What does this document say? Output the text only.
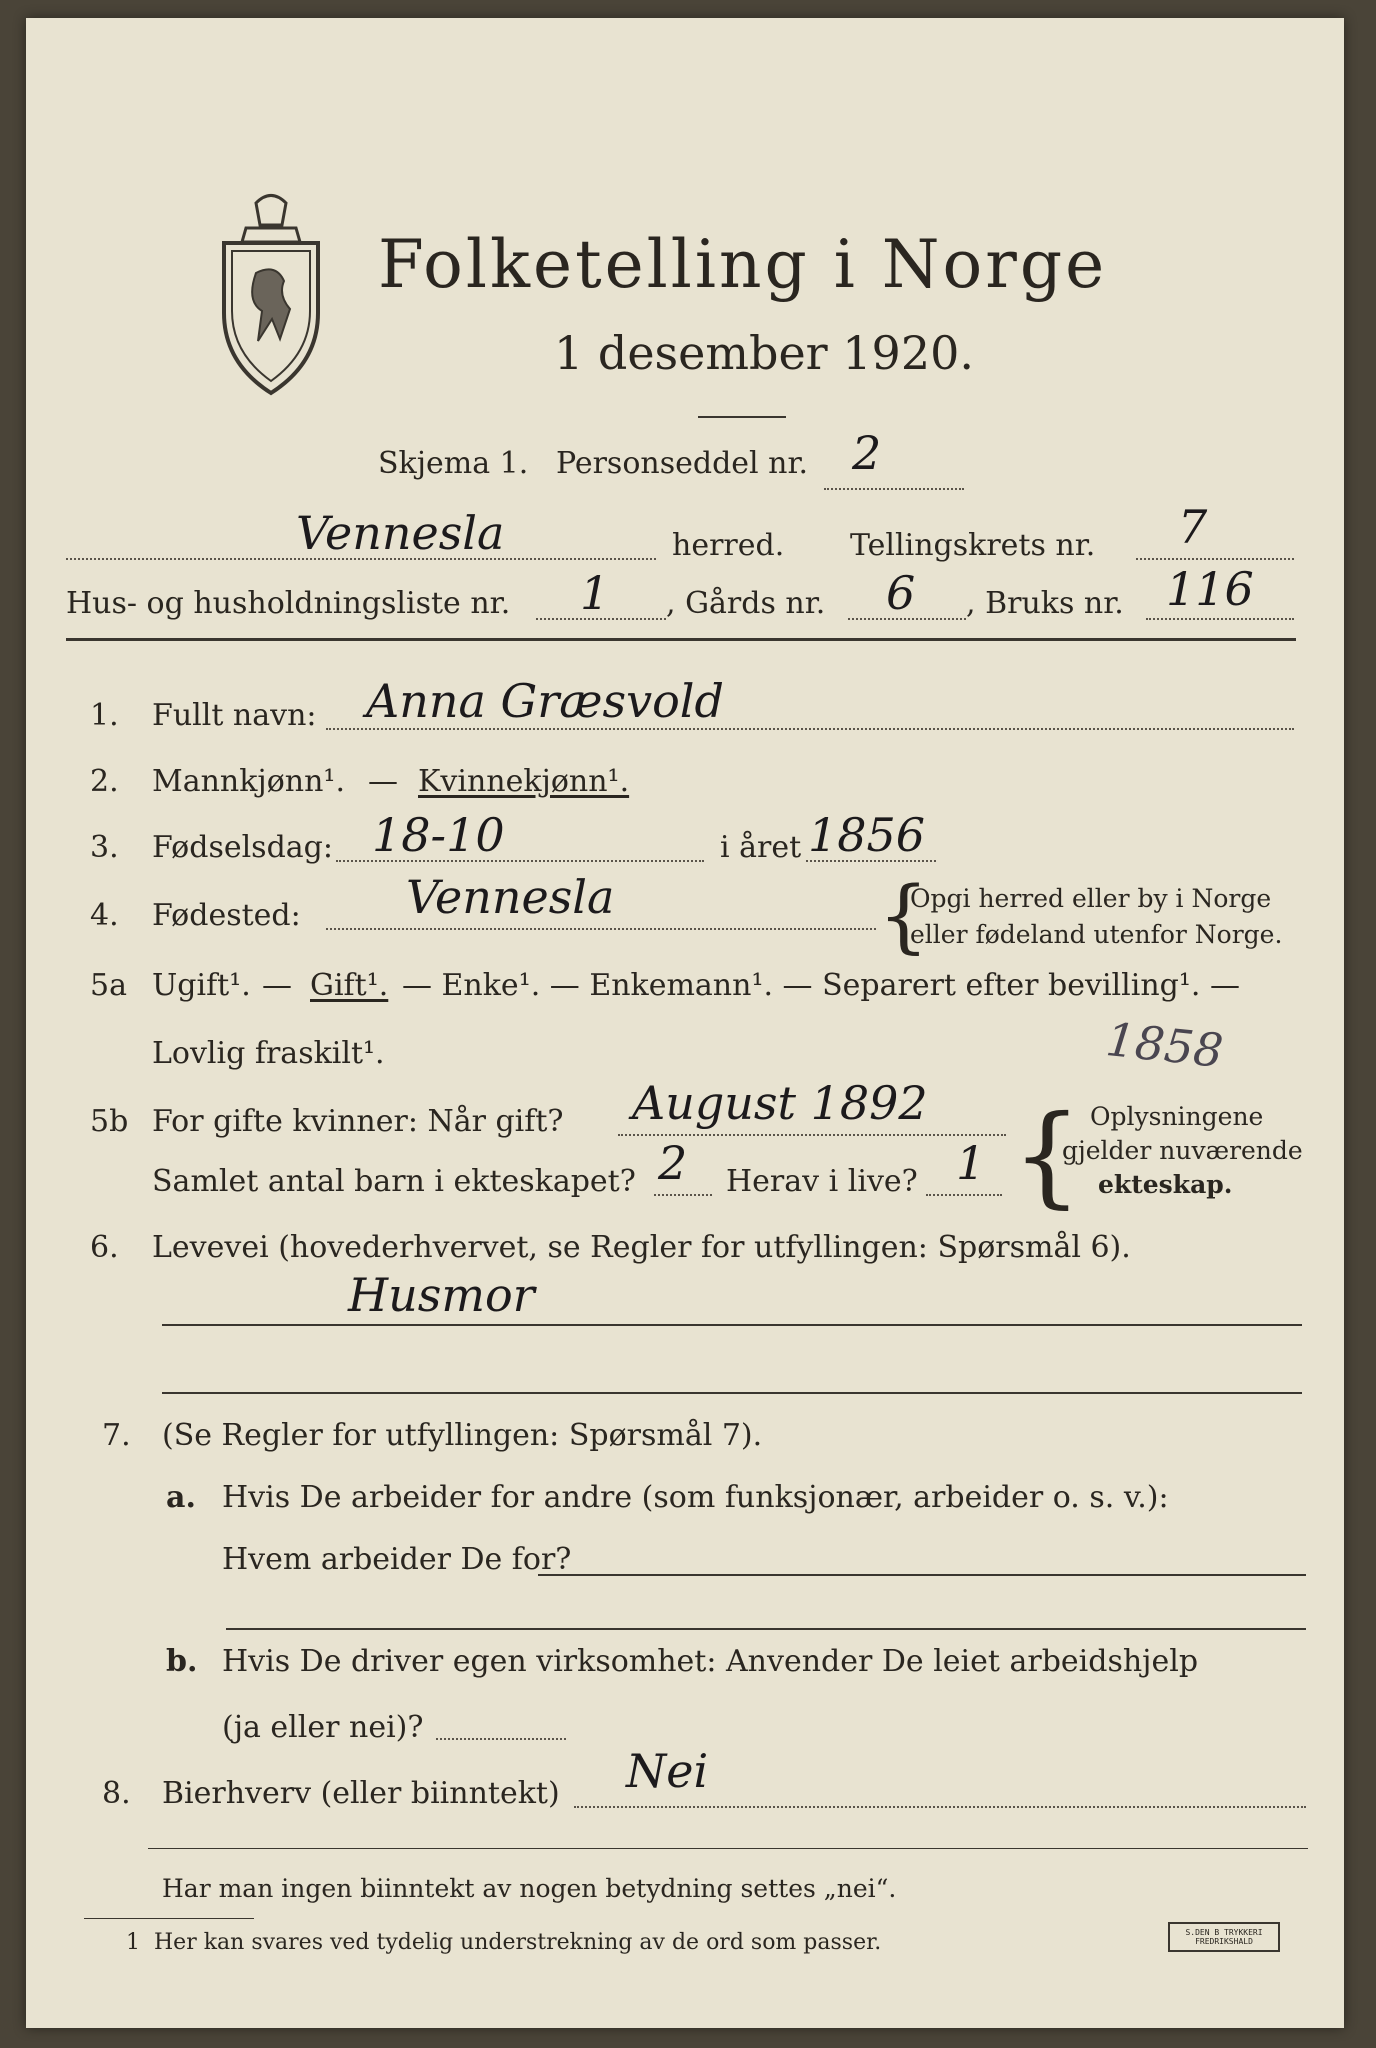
Folketelling i Norge
1 desember 1920.
Skjema 1. Personseddel nr. 2
Vennesla	herred. Tellingskrets nr. 7
Hus- og husholdningsliste nr. 1 , Gårds nr. 6 , Bruks nr. 116
1. Fullt navn: Anna Græsvold
2. Mannkjønn¹. — Kvinnekjønn¹.
3. Fødselsdag: 18-10	i året 1856
4. Fødested: Vennesla	{
Opgi herred eller by i Norge
eller fødeland utenfor Norge.
5a Ugift¹. — Gift¹. — Enke¹. — Enkemann¹. — Separert efter bevilling¹. —
Lovlig fraskilt¹.	1858
5b For gifte kvinner: Når gift? August 1892
Samlet antal barn i ekteskapet? 2 Herav i live? 1 { Oplysningene
gjelder nuværende
ekteskap.
6. Levevei (hovederhvervet, se Regler for utfyllingen: Spørsmål 6).
Husmor
7. (Se Regler for utfyllingen: Spørsmål 7).
a. Hvis De arbeider for andre (som funksjonær, arbeider o. s. v.):
Hvem arbeider De for?
b. Hvis De driver egen virksomhet: Anvender De leiet arbeidshjelp
(ja eller nei)?
8. Bierhverv (eller biinntekt) Nei
Har man ingen biinntekt av nogen betydning settes „nei“.
1 Her kan svares ved tydelig understrekning av de ord som passer.	S.DEN B TRYKKERI FREDRIKSHALD
